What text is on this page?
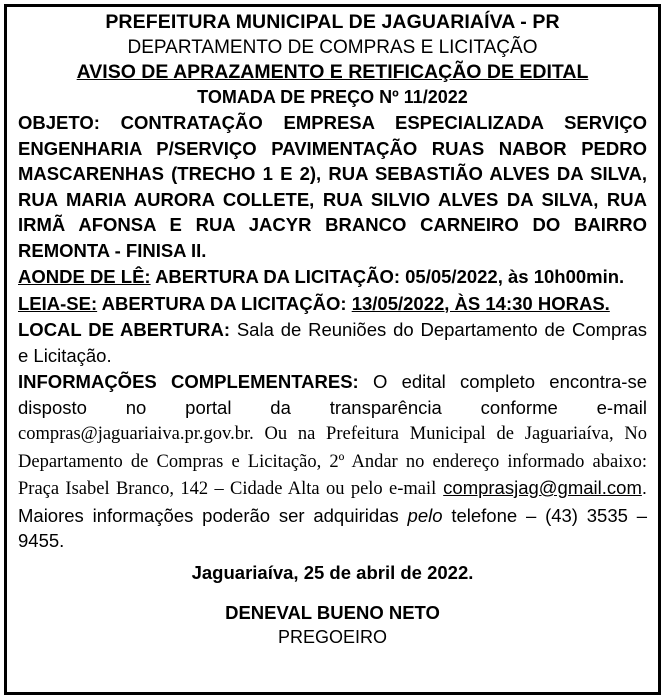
PREFEITURA MUNICIPAL DE JAGUARIAÍVA - PR
DEPARTAMENTO DE COMPRAS E LICITAÇÃO
AVISO DE APRAZAMENTO E RETIFICAÇÃO DE EDITAL
TOMADA DE PREÇO Nº 11/2022
OBJETO: CONTRATAÇÃO EMPRESA ESPECIALIZADA SERVIÇO ENGENHARIA P/SERVIÇO PAVIMENTAÇÃO RUAS NABOR PEDRO MASCARENHAS (TRECHO 1 E 2), RUA SEBASTIÃO ALVES DA SILVA, RUA MARIA AURORA COLLETE, RUA SILVIO ALVES DA SILVA, RUA IRMÃ AFONSA E RUA JACYR BRANCO CARNEIRO DO BAIRRO REMONTA - FINISA II.
AONDE DE LÊ: ABERTURA DA LICITAÇÃO: 05/05/2022, às 10h00min.
LEIA-SE: ABERTURA DA LICITAÇÃO: 13/05/2022, ÀS 14:30 HORAS.
LOCAL DE ABERTURA: Sala de Reuniões do Departamento de Compras e Licitação.
INFORMAÇÕES COMPLEMENTARES: O edital completo encontra-se disposto no portal da transparência conforme e-mail compras@jaguariaiva.pr.gov.br. Ou na Prefeitura Municipal de Jaguariaíva, No Departamento de Compras e Licitação, 2º Andar no endereço informado abaixo: Praça Isabel Branco, 142 – Cidade Alta ou pelo e-mail comprasjag@gmail.com. Maiores informações poderão ser adquiridas pelo telefone – (43) 3535 – 9455.
Jaguariaíva, 25 de abril de 2022.
DENEVAL BUENO NETO
PREGOEIRO
